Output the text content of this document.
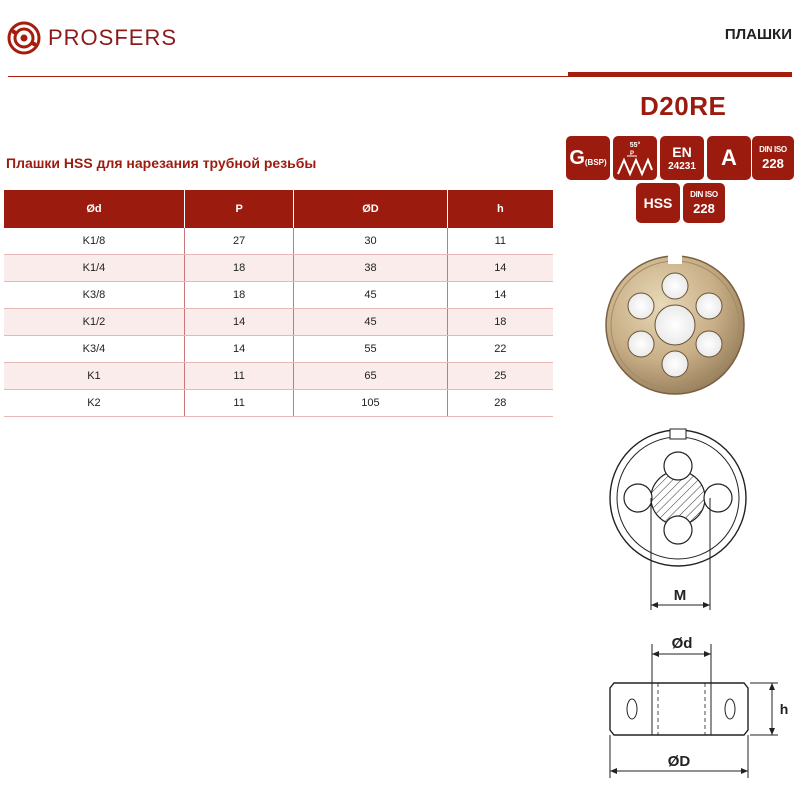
PROSFERS	ПЛАШКИ
D20RE
G (BSP)
55°
P	EN
24231 A	DIN ISO
228
HSS
DIN ISO
228
Плашки HSS для нарезания трубной резьбы
Ød	P	ØD	h
K1/8	27	30	11
K1/4	18	38	14
K3/8	18	45	14
K1/2	14	45	18
K3/4	14	55	22
K1	11	65	25
K2	11	105	28
M
Ød
h
ØD
